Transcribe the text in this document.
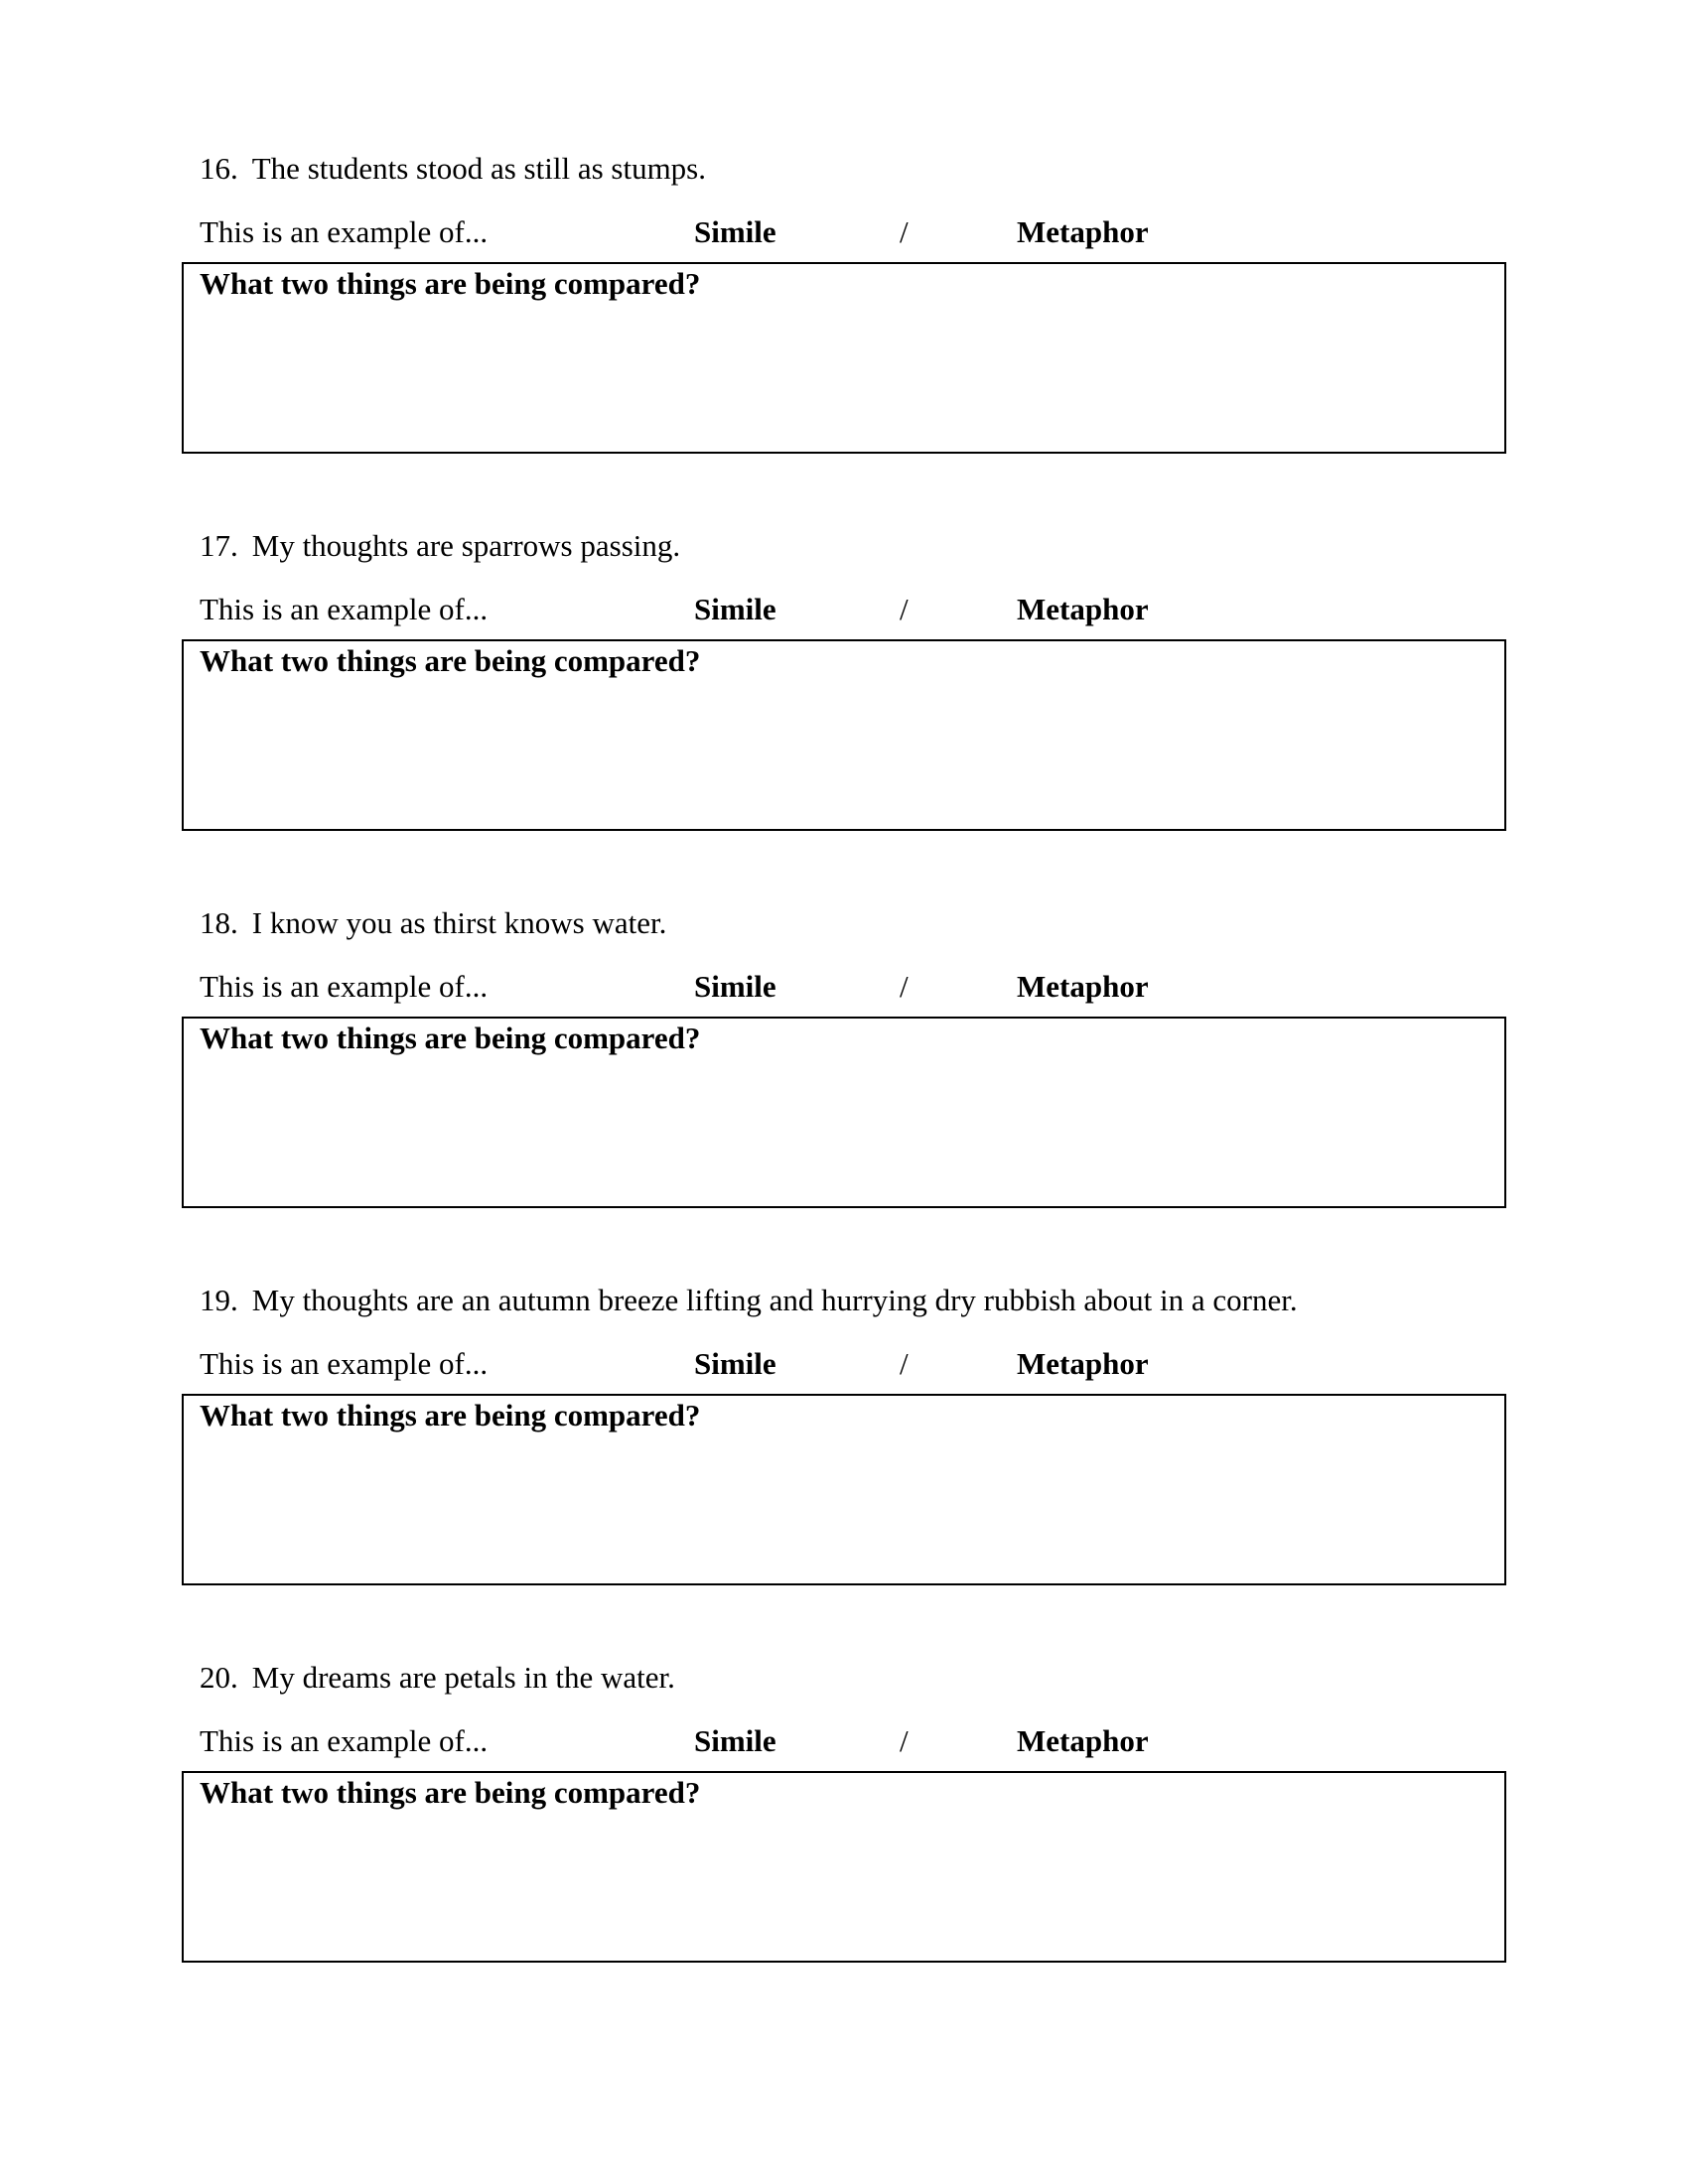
16. The students stood as still as stumps.
This is an example of...	Simile	/	Metaphor
What two things are being compared?
17. My thoughts are sparrows passing.
This is an example of...	Simile	/	Metaphor
What two things are being compared?
18. I know you as thirst knows water.
This is an example of...	Simile	/	Metaphor
What two things are being compared?
19. My thoughts are an autumn breeze lifting and hurrying dry rubbish about in a corner.
This is an example of...	Simile	/	Metaphor
What two things are being compared?
20. My dreams are petals in the water.
This is an example of...	Simile	/	Metaphor
What two things are being compared?
